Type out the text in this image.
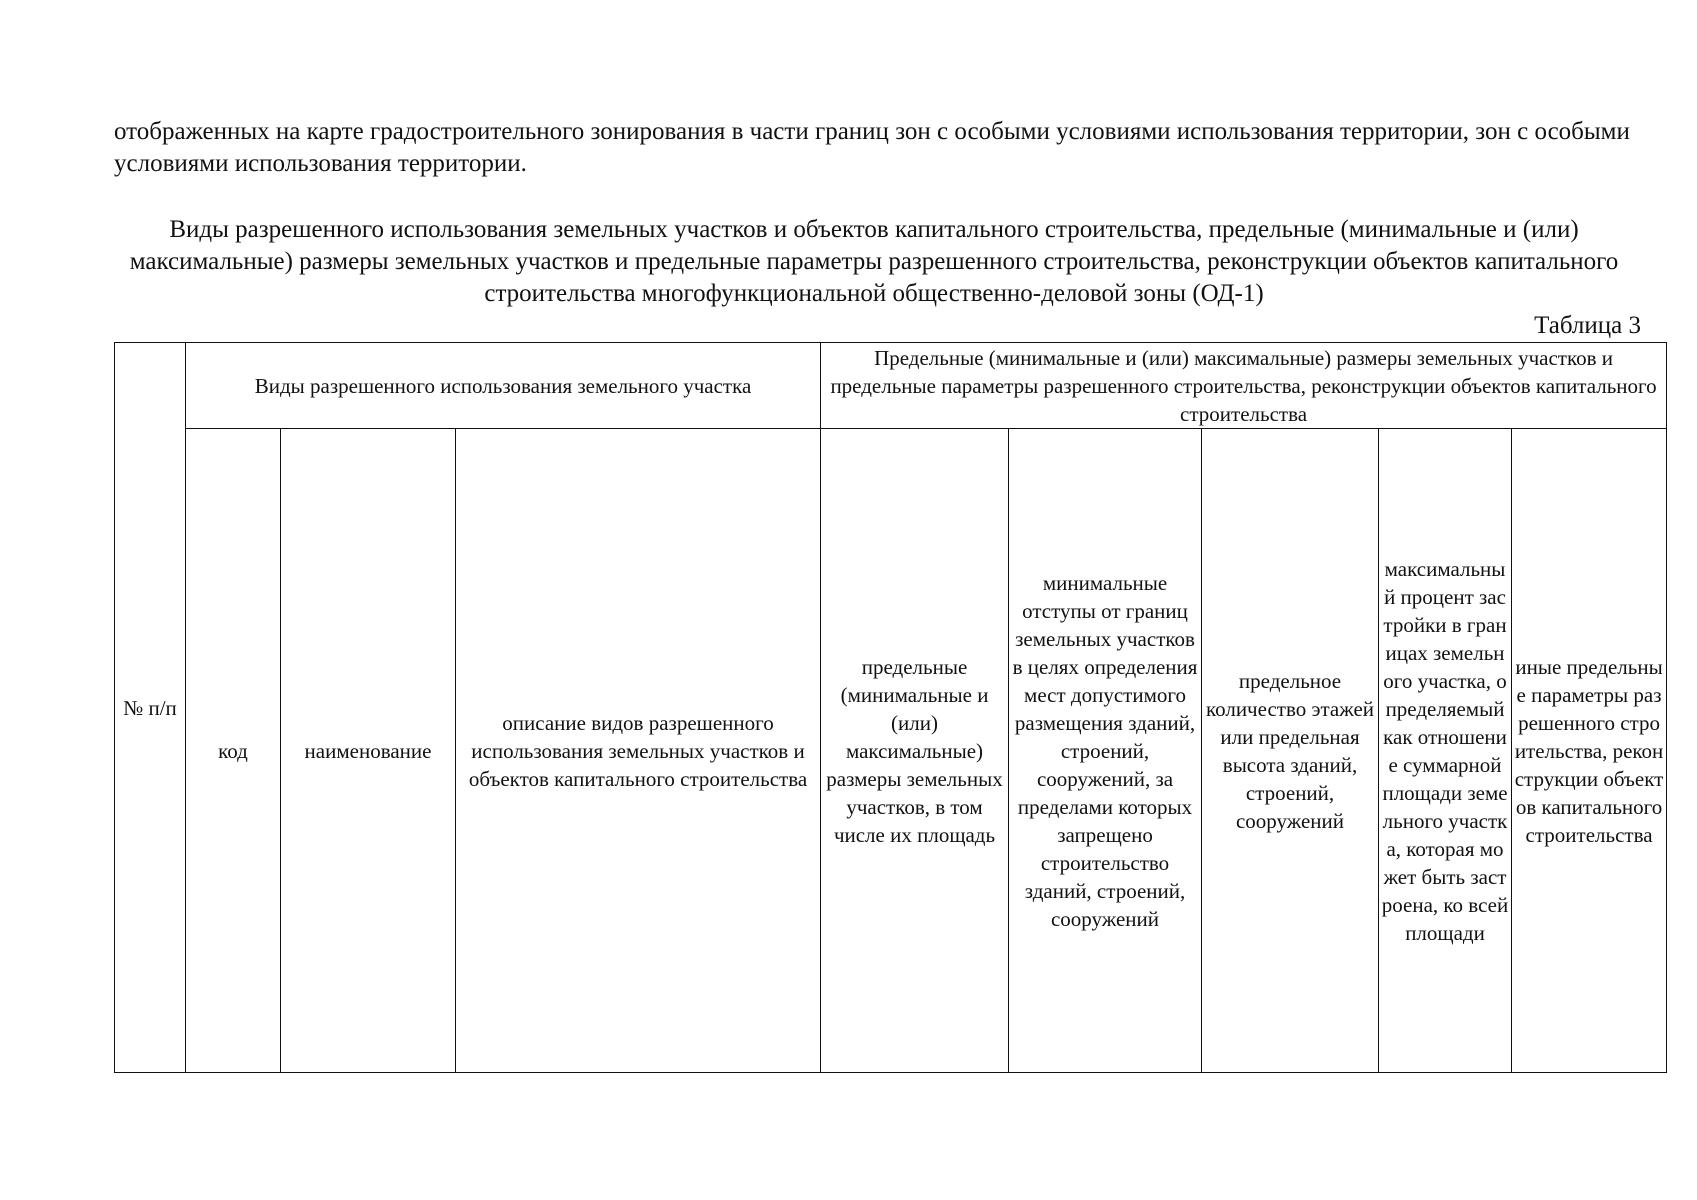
отображенных на карте градостроительного зонирования в части границ зон с особыми условиями использования территории, зон с особыми условиями использования территории.
Виды разрешенного использования земельных участков и объектов капитального строительства, предельные (минимальные и (или) максимальные) размеры земельных участков и предельные параметры разрешенного строительства, реконструкции объектов капитального строительства многофункциональной общественно-деловой зоны (ОД-1)
Таблица 3
№ п/п	Виды разрешенного использования земельного участка			Предельные (минимальные и (или) максимальные) размеры земельных участков и предельные параметры разрешенного строительства, реконструкции объектов капитального строительства				
	код	наименование	описание видов разрешенного использования земельных участков и объектов капитального строительства	предельные (минимальные и (или) максимальные) размеры земельных участков, в том числе их площадь	минимальные отступы от границ земельных участков в целях определения мест допустимого размещения зданий, строений, сооружений, за пределами которых запрещено строительство зданий, строений, сооружений	предельное количество этажей или предельная высота зданий, строений, сооружений	максимальный процент застройки в границах земельного участка, определяемый как отношение суммарной площади земельного участка, которая может быть застроена, ко всей площади	иные предельные параметры разрешенного строительства, реконструкции объектов капитального строительства
